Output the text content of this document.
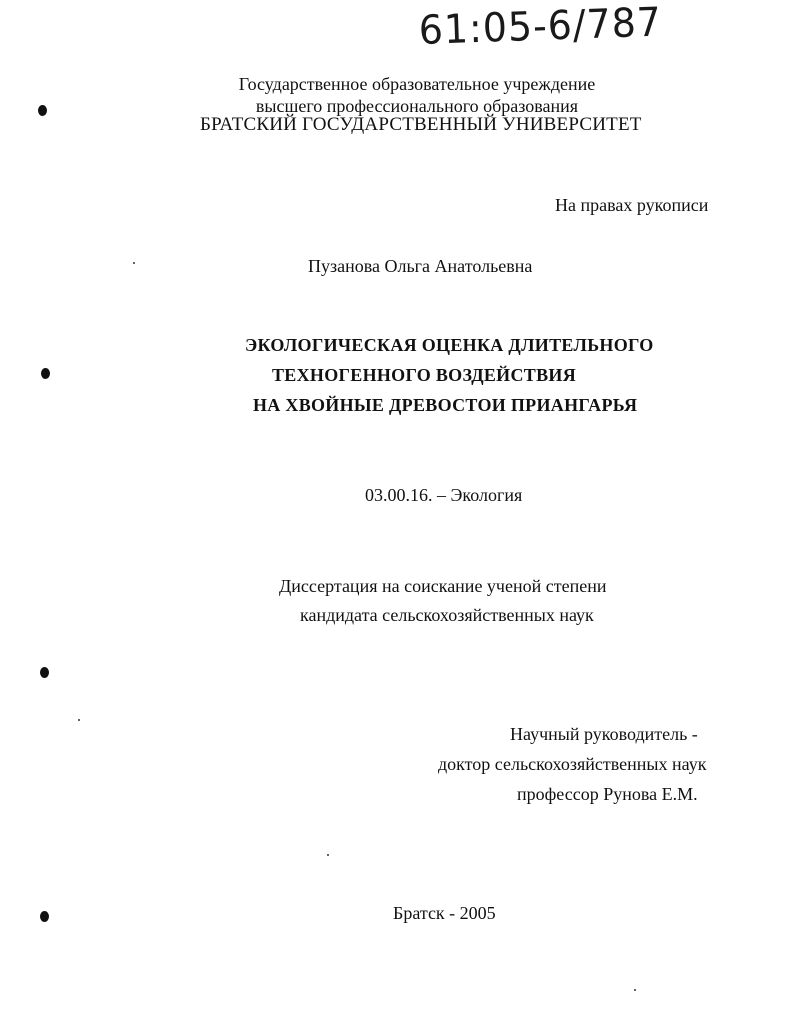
61:05-6/787
Государственное образовательное учреждение
высшего профессионального образования
БРАТСКИЙ ГОСУДАРСТВЕННЫЙ УНИВЕРСИТЕТ
На правах рукописи
Пузанова Ольга Анатольевна
ЭКОЛОГИЧЕСКАЯ ОЦЕНКА ДЛИТЕЛЬНОГО
ТЕХНОГЕННОГО ВОЗДЕЙСТВИЯ
НА ХВОЙНЫЕ ДРЕВОСТОИ ПРИАНГАРЬЯ
03.00.16. – Экология
Диссертация на соискание ученой степени
кандидата сельскохозяйственных наук
Научный руководитель -
доктор сельскохозяйственных наук
профессор Рунова Е.М.
Братск - 2005
